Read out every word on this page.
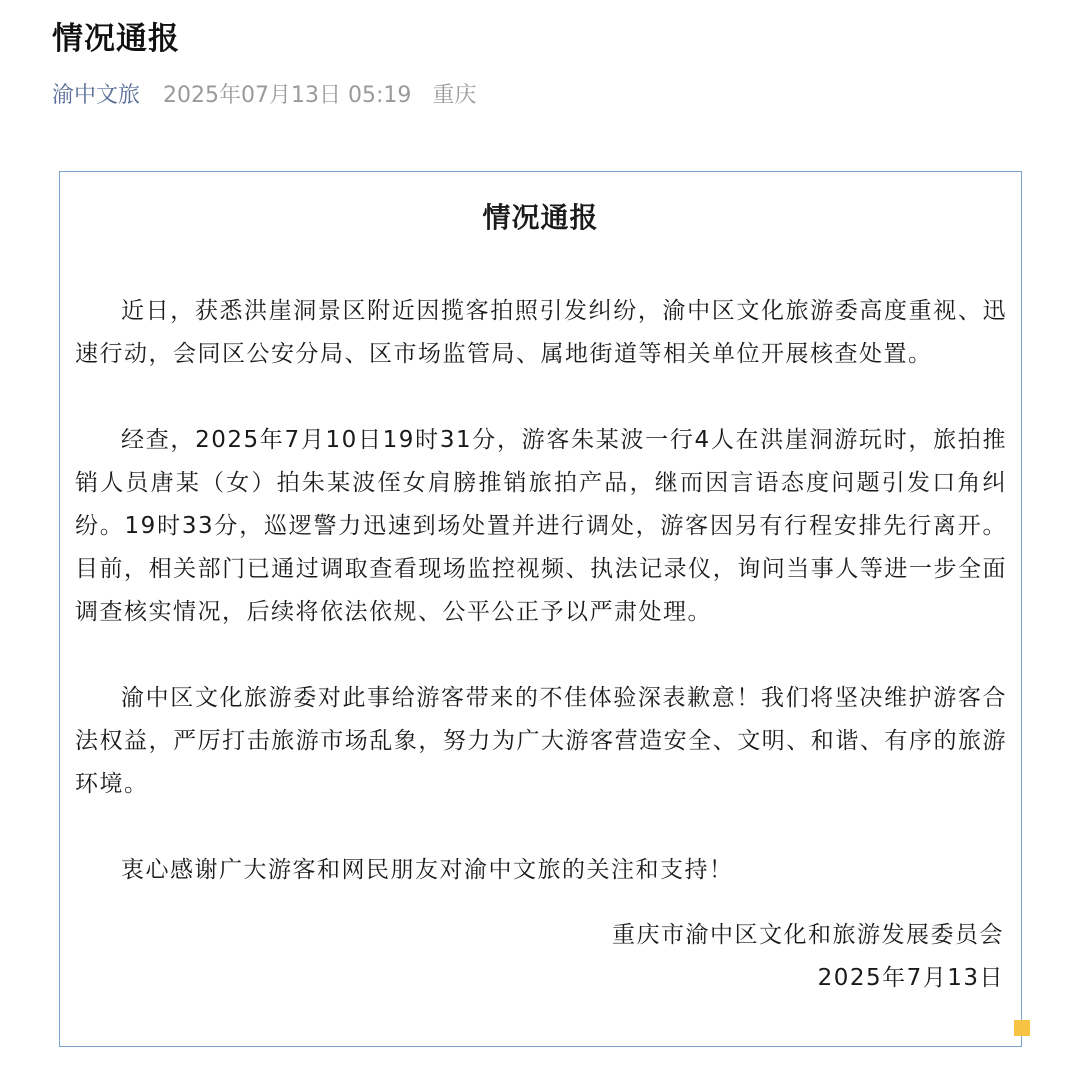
情况通报
渝中文旅 2025年07月13日 05:19 重庆
情况通报

近日，获悉洪崖洞景区附近因揽客拍照引发纠纷，渝中区文化旅游委高度重视、迅速行动，会同区公安分局、区市场监管局、属地街道等相关单位开展核查处置。

经查，2025年7月10日19时31分，游客朱某波一行4人在洪崖洞游玩时，旅拍推销人员唐某（女）拍朱某波侄女肩膀推销旅拍产品，继而因言语态度问题引发口角纠纷。19时33分，巡逻警力迅速到场处置并进行调处，游客因另有行程安排先行离开。目前，相关部门已通过调取查看现场监控视频、执法记录仪，询问当事人等进一步全面调查核实情况，后续将依法依规、公平公正予以严肃处理。

渝中区文化旅游委对此事给游客带来的不佳体验深表歉意！我们将坚决维护游客合法权益，严厉打击旅游市场乱象，努力为广大游客营造安全、文明、和谐、有序的旅游环境。

衷心感谢广大游客和网民朋友对渝中文旅的关注和支持！

重庆市渝中区文化和旅游发展委员会
2025年7月13日
